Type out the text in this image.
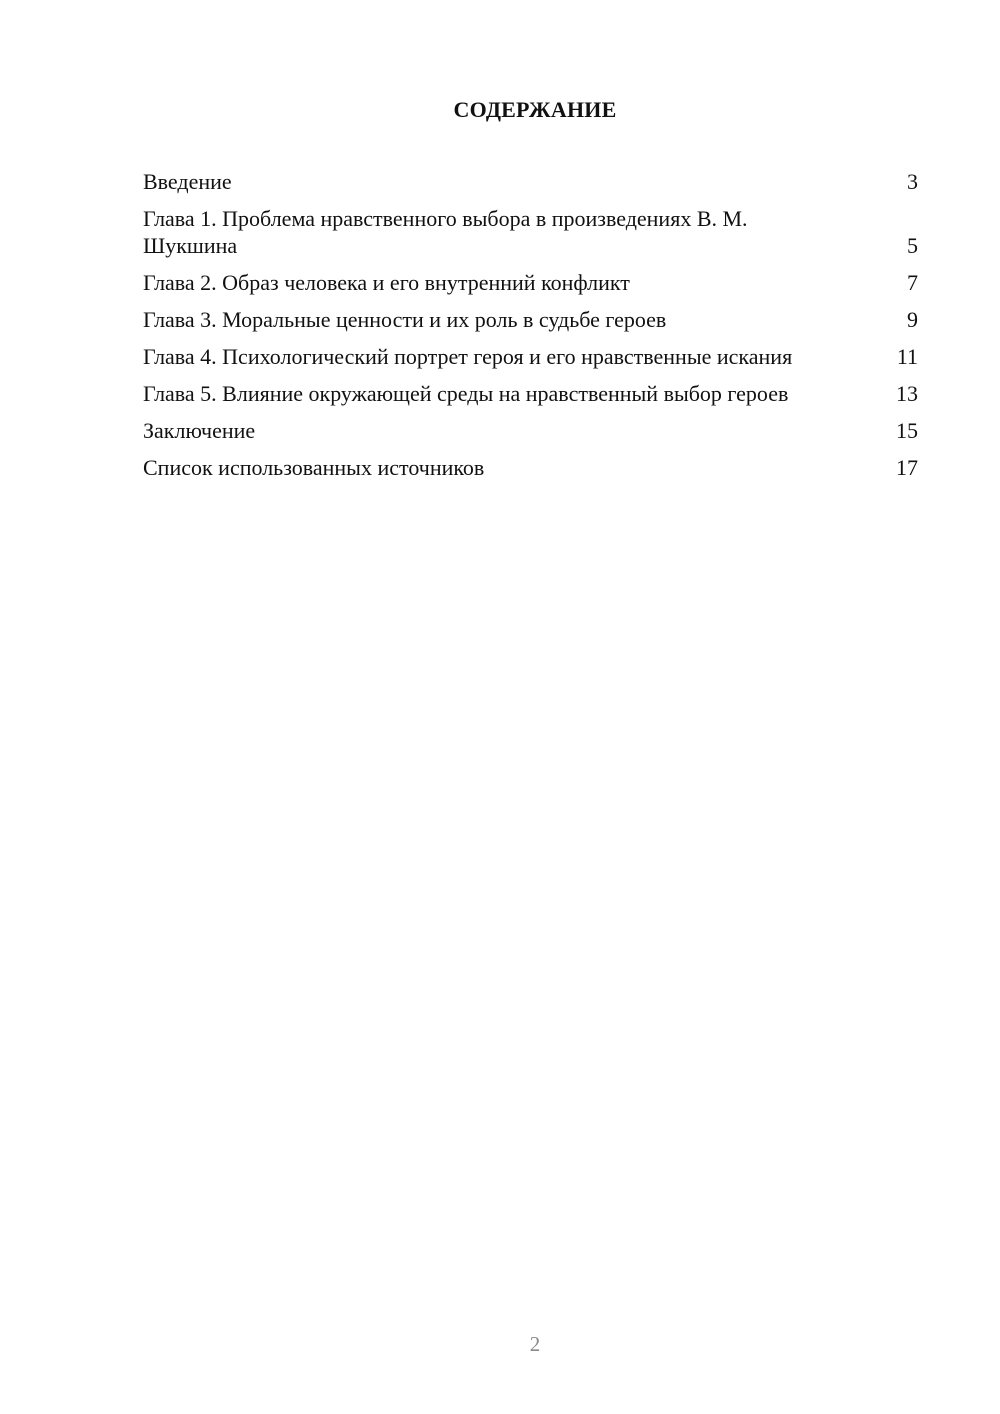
СОДЕРЖАНИЕ
Введение	3
Глава 1. Проблема нравственного выбора в произведениях В. М. Шукшина	5
Глава 2. Образ человека и его внутренний конфликт	7
Глава 3. Моральные ценности и их роль в судьбе героев	9
Глава 4. Психологический портрет героя и его нравственные искания	11
Глава 5. Влияние окружающей среды на нравственный выбор героев	13
Заключение	15
Список использованных источников	17
2
